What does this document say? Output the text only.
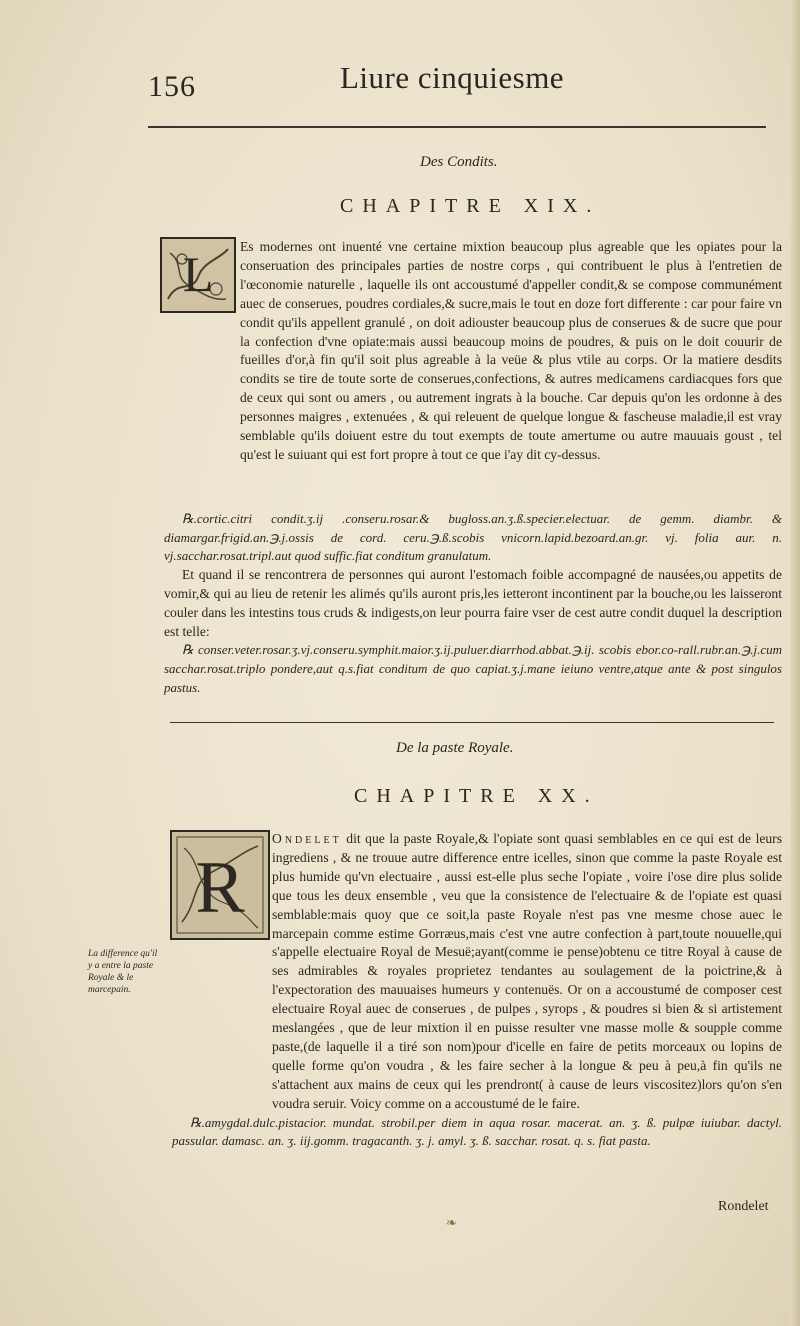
156	Liure cinquiesme
Des Condits.
CHAPITRE XIX.
L Es modernes ont inuenté vne certaine mixtion beaucoup plus agreable que les opiates pour la conseruation des principales parties de nostre corps , qui contribuent le plus à l'entretien de l'œconomie naturelle , laquelle ils ont accoustumé d'appeller condit,& se compose communément auec de conserues, poudres cordiales,& sucre,mais le tout en doze fort differente : car pour faire vn condit qu'ils appellent granulé , on doit adiouster beaucoup plus de conserues & de sucre que pour la confection d'vne opiate:mais aussi beaucoup moins de poudres, & puis on le doit couurir de fueilles d'or,à fin qu'il soit plus agreable à la veüe & plus vtile au corps. Or la matiere desdits condits se tire de toute sorte de conserues,confections, & autres medicamens cardiacques fors que de ceux qui sont ou amers , ou autrement ingrats à la bouche. Car depuis qu'on les ordonne à des personnes maigres , extenuées , & qui releuent de quelque longue & fascheuse maladie,il est vray semblable qu'ils doiuent estre du tout exempts de toute amertume ou autre mauuais goust , tel qu'est le suiuant qui est fort propre à tout ce que i'ay dit cy-dessus.

℞.cortic.citri condit.ʒ.ij .conseru.rosar.& bugloss.an.ʒ.ß.specier.electuar. de gemm. diambr. & diamargar.frigid.an.℈.j.ossis de cord. ceru.℈.ß.scobis vnicorn.lapid.bezoard.an.gr. vj. folia aur. n. vj.sacchar.rosat.tripl.aut quod suffic.fiat conditum granulatum.

Et quand il se rencontrera de personnes qui auront l'estomach foible accompagné de nausées,ou appetits de vomir,& qui au lieu de retenir les alimés qu'ils auront pris,les ietteront incontinent par la bouche,ou les laisseront couler dans les intestins tous cruds & indigests,on leur pourra faire vser de cest autre condit duquel la description est telle:

℞ conser.veter.rosar.ʒ.vj.conseru.symphit.maior.ʒ.ij.puluer.diarrhod.abbat.℈.ij. scobis ebor.co-rall.rubr.an.℈.j.cum sacchar.rosat.triplo pondere,aut q.s.fiat conditum de quo capiat.ʒ.j.mane ieiuno ventre,atque ante & post singulos pastus.

De la paste Royale.
CHAPITRE XX.
R

Ondelet dit que la paste Royale,& l'opiate sont quasi semblables en ce qui est de leurs ingrediens , & ne trouue autre difference entre icelles, sinon que comme la paste Royale est plus humide qu'vn electuaire , aussi est-elle plus seche l'opiate , voire i'ose dire plus solide que tous les deux ensemble , veu que la consistence de l'electuaire & de l'opiate est quasi semblable:mais quoy que ce soit,la paste Royale n'est pas vne mesme chose auec le marcepain comme estime Gorræus,mais c'est vne autre confection à part,toute nouuelle,qui s'appelle electuaire Royal de Mesuë;ayant(comme ie pense)obtenu ce titre Royal à cause de ses admirables & royales proprietez tendantes au soulagement de la poictrine,& à l'expectoration des mauuaises humeurs y contenuës. Or on a accoustumé de composer cest electuaire Royal auec de conserues , de pulpes , syrops , & poudres si bien & si artistement meslangées , que de leur mixtion il en puisse resulter vne masse molle & soupple comme paste,(de laquelle il a tiré son nom)pour d'icelle en faire de petits morceaux ou lopins de quelle forme qu'on voudra , & les faire secher à la longue & peu à peu,à fin qu'ils ne s'attachent aux mains de ceux qui les prendront( à cause de leurs viscositez)lors qu'on s'en voudra seruir. Voicy comme on a accoustumé de le faire.

℞.amygdal.dulc.pistacior. mundat. strobil.per diem in aqua rosar. macerat. an. ʒ. ß. pulpæ iuiubar. dactyl. passular. damasc. an. ʒ. iij.gomm. tragacanth. ʒ. j. amyl. ʒ. ß. sacchar. rosat. q. s. fiat pasta.

La difference qu'il y a entre la paste Royale & le marcepain.
Rondelet
❧
